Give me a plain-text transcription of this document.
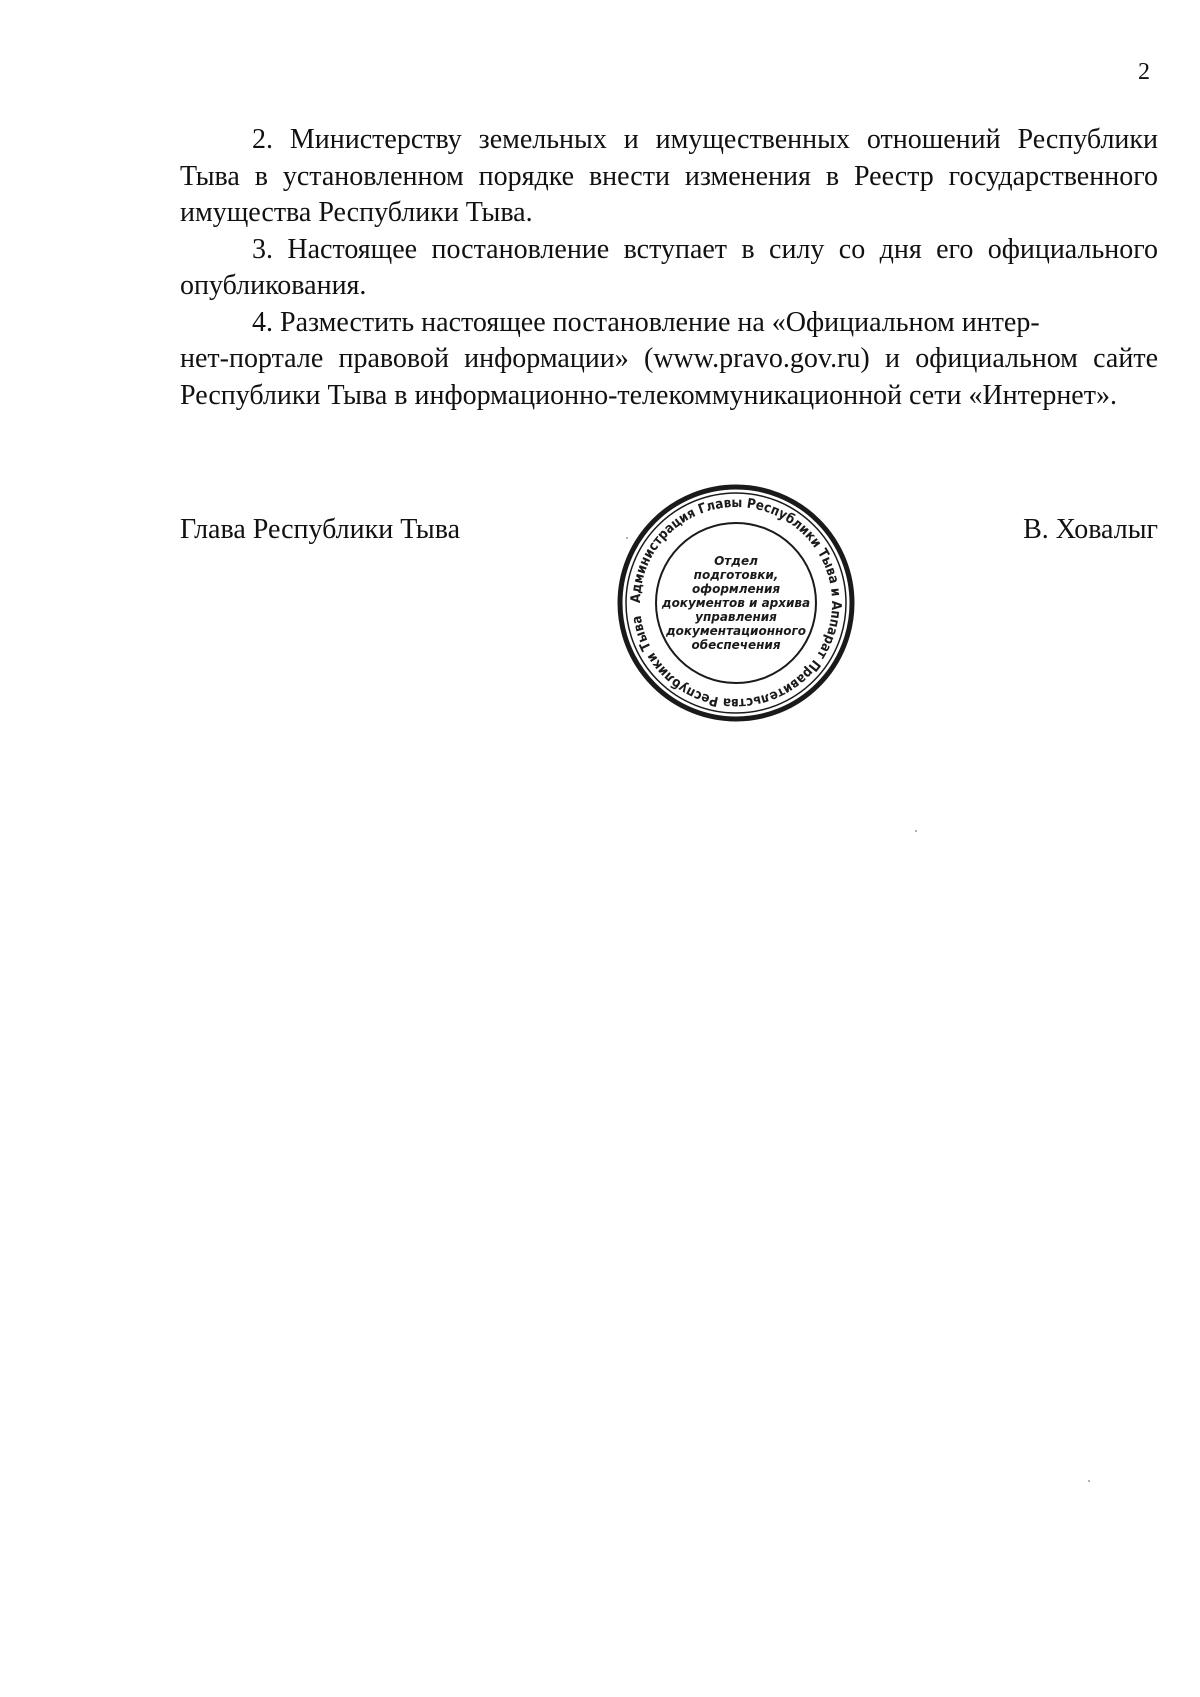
2

2. Министерству земельных и имущественных отношений Республики Тыва в установленном порядке внести изменения в Реестр государственного имущества Республики Тыва.

3. Настоящее постановление вступает в силу со дня его официального опубликования.

4. Разместить настоящее постановление на «Официальном интер-
нет-портале правовой информации» (www.pravo.gov.ru) и официальном сайте Республики Тыва в информационно-телекоммуникационной сети «Интернет».

Глава Республики Тыва
Администрация Главы Республики Тыва и Аппарат Правительства Республики Тыва
Отдел
подготовки,
оформления
документов и архива
управления
документационного
обеспечения
В. Ховалыг
